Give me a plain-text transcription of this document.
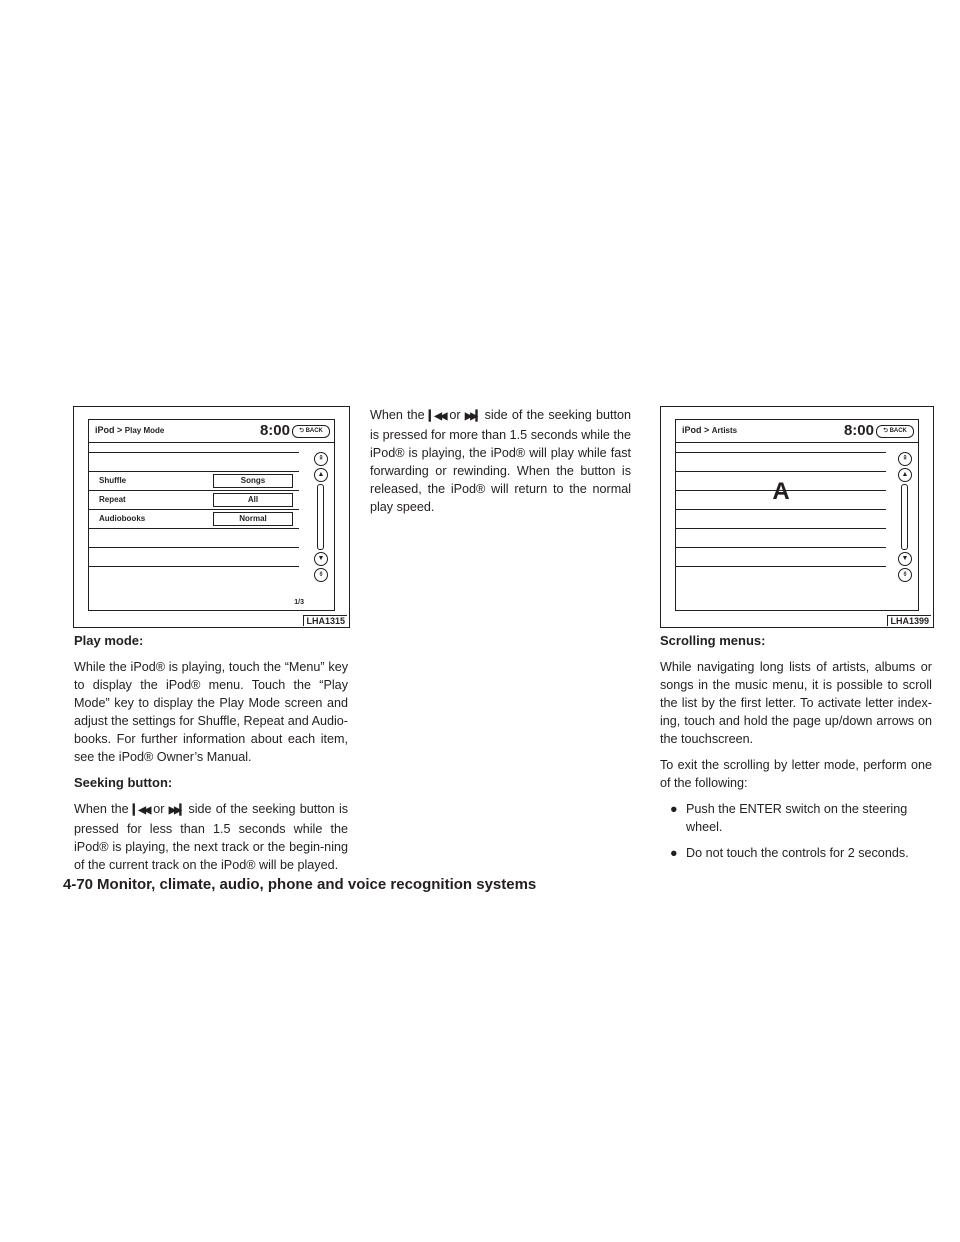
iPod > Play Mode	8:00	⮌ BACK
Shuffle	Songs
Repeat	All
Audiobooks	Normal
⇞
▲
▼
⇟
1/3
LHA1315
iPod > Artists	8:00	⮌ BACK
A
⇞
▲
▼
⇟
LHA1399
Play mode:

While the iPod® is playing, touch the “Menu” key to display the iPod® menu. Touch the “Play Mode” key to display the Play Mode screen and adjust the settings for Shuffle, Repeat and Audio-books. For further information about each item, see the iPod® Owner’s Manual.

Seeking button:

When the ▎◀◀ or ▶▶▎ side of the seeking button is pressed for less than 1.5 seconds while the iPod® is playing, the next track or the begin-ning of the current track on the iPod® will be played.

When the ▎◀◀ or ▶▶▎ side of the seeking button is pressed for more than 1.5 seconds while the iPod® is playing, the iPod® will play while fast forwarding or rewinding. When the button is released, the iPod® will return to the normal play speed.

Scrolling menus:

While navigating long lists of artists, albums or songs in the music menu, it is possible to scroll the list by the first letter. To activate letter index-ing, touch and hold the page up/down arrows on the touchscreen.

To exit the scrolling by letter mode, perform one of the following:

● Push the ENTER switch on the steering wheel.
● Do not touch the controls for 2 seconds.
4-70 Monitor, climate, audio, phone and voice recognition systems
